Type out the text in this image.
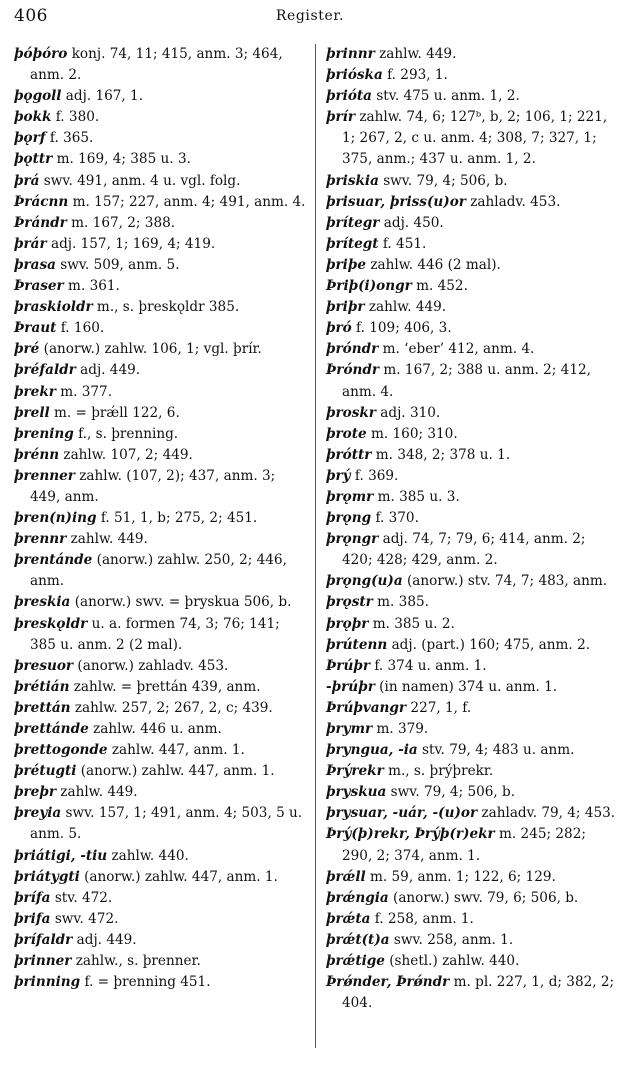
406	Register.
þóþóro konj. 74, 11; 415, anm. 3; 464, anm. 2.
þǫgoll adj. 167, 1.
þokk f. 380.
þǫrf f. 365.
þǫttr m. 169, 4; 385 u. 3.
þrá swv. 491, anm. 4 u. vgl. folg.
Þrácnn m. 157; 227, anm. 4; 491, anm. 4.
Þrándr m. 167, 2; 388.
þrár adj. 157, 1; 169, 4; 419.
þrasa swv. 509, anm. 5.
Þraser m. 361.
þraskioldr m., s. þreskǫldr 385.
Þraut f. 160.
þré (anorw.) zahlw. 106, 1; vgl. þrír.
þréfaldr adj. 449.
þrekr m. 377.
þrell m. = þrǽll 122, 6.
þrening f., s. þrenning.
þrénn zahlw. 107, 2; 449.
þrenner zahlw. (107, 2); 437, anm. 3; 449, anm.
þren(n)ing f. 51, 1, b; 275, 2; 451.
þrennr zahlw. 449.
þrentánde (anorw.) zahlw. 250, 2; 446, anm.
þreskia (anorw.) swv. = þryskua 506, b.
þreskǫldr u. a. formen 74, 3; 76; 141; 385 u. anm. 2 (2 mal).
þresuor (anorw.) zahladv. 453.
þrétián zahlw. = þrettán 439, anm.
þrettán zahlw. 257, 2; 267, 2, c; 439.
þrettánde zahlw. 446 u. anm.
þrettogonde zahlw. 447, anm. 1.
þrétugti (anorw.) zahlw. 447, anm. 1.
þreþr zahlw. 449.
þreyia swv. 157, 1; 491, anm. 4; 503, 5 u. anm. 5.
þriátigi, -tiu zahlw. 440.
þriátygti (anorw.) zahlw. 447, anm. 1.
þrífa stv. 472.
þrifa swv. 472.
þrífaldr adj. 449.
þrinner zahlw., s. þrenner.
þrinning f. = þrenning 451.
þrinnr zahlw. 449.
þrióska f. 293, 1.
þrióta stv. 475 u. anm. 1, 2.
þrír zahlw. 74, 6; 127ᵇ, b, 2; 106, 1; 221, 1; 267, 2, c u. anm. 4; 308, 7; 327, 1; 375, anm.; 437 u. anm. 1, 2.
þriskia swv. 79, 4; 506, b.
þrisuar, þriss(u)or zahladv. 453.
þrítegr adj. 450.
þrítegt f. 451.
þriþe zahlw. 446 (2 mal).
Þriþ(i)ongr m. 452.
þriþr zahlw. 449.
þró f. 109; 406, 3.
þróndr m. ‘eber’ 412, anm. 4.
Þróndr m. 167, 2; 388 u. anm. 2; 412, anm. 4.
þroskr adj. 310.
þrote m. 160; 310.
þróttr m. 348, 2; 378 u. 1.
þrý f. 369.
þrǫmr m. 385 u. 3.
þrǫng f. 370.
þrǫngr adj. 74, 7; 79, 6; 414, anm. 2; 420; 428; 429, anm. 2.
þrǫng(u)a (anorw.) stv. 74, 7; 483, anm.
þrǫstr m. 385.
þrǫþr m. 385 u. 2.
þrútenn adj. (part.) 160; 475, anm. 2.
Þrúþr f. 374 u. anm. 1.
-þrúþr (in namen) 374 u. anm. 1.
Þrúþvangr 227, 1, f.
þrymr m. 379.
þryngua, -ia stv. 79, 4; 483 u. anm.
Þrýrekr m., s. þrýþrekr.
þryskua swv. 79, 4; 506, b.
þrysuar, -uár, -(u)or zahladv. 79, 4; 453.
Þrý(þ)rekr, Þrýþ(r)ekr m. 245; 282; 290, 2; 374, anm. 1.
þrǽll m. 59, anm. 1; 122, 6; 129.
þrǽngia (anorw.) swv. 79, 6; 506, b.
þrǽta f. 258, anm. 1.
þrǽt(t)a swv. 258, anm. 1.
þrǽtige (shetl.) zahlw. 440.
Þrǿnder, Þrǿndr m. pl. 227, 1, d; 382, 2; 404.
